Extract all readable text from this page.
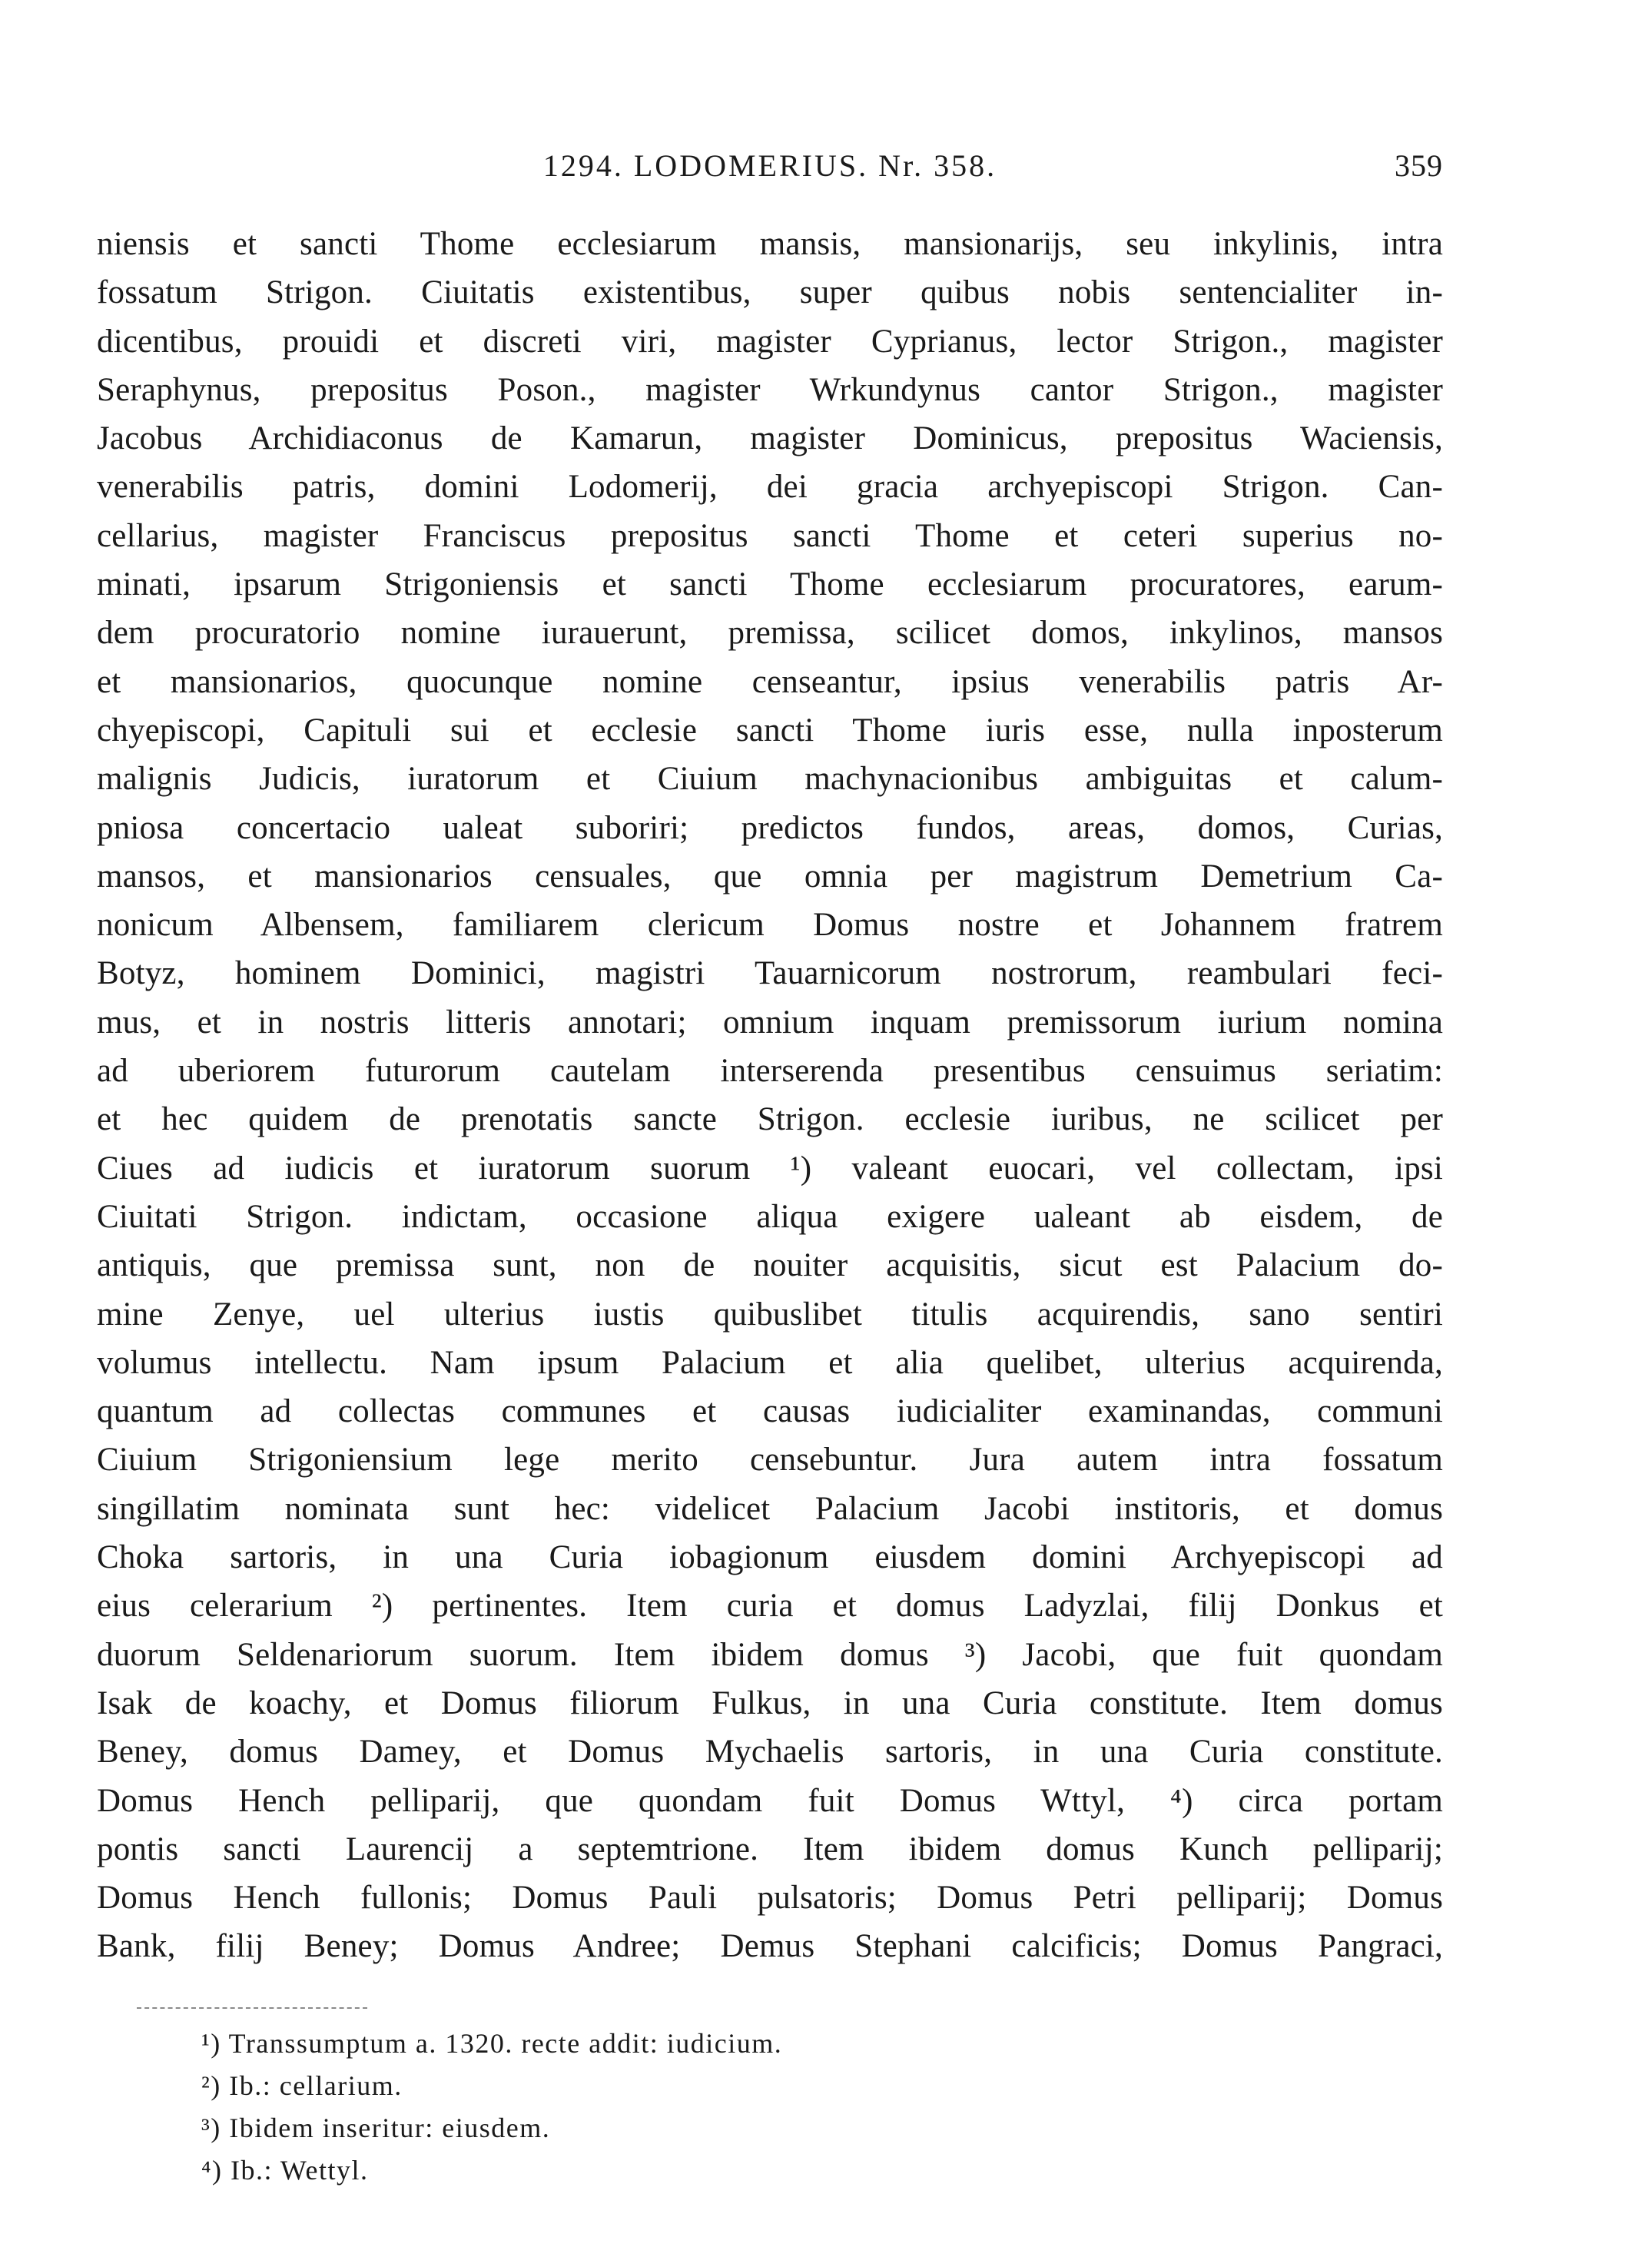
1294. LODOMERIUS. Nr. 358.	359
niensis et sancti Thome ecclesiarum mansis, mansionarijs, seu inkylinis, intra
fossatum Strigon. Ciuitatis existentibus, super quibus nobis sentencialiter in-
dicentibus, prouidi et discreti viri, magister Cyprianus, lector Strigon., magister
Seraphynus, prepositus Poson., magister Wrkundynus cantor Strigon., magister
Jacobus Archidiaconus de Kamarun, magister Dominicus, prepositus Waciensis,
venerabilis patris, domini Lodomerij, dei gracia archyepiscopi Strigon. Can-
cellarius, magister Franciscus prepositus sancti Thome et ceteri superius no-
minati, ipsarum Strigoniensis et sancti Thome ecclesiarum procuratores, earum-
dem procuratorio nomine iurauerunt, premissa, scilicet domos, inkylinos, mansos
et mansionarios, quocunque nomine censeantur, ipsius venerabilis patris Ar-
chyepiscopi, Capituli sui et ecclesie sancti Thome iuris esse, nulla inposterum
malignis Judicis, iuratorum et Ciuium machynacionibus ambiguitas et calum-
pniosa concertacio ualeat suboriri; predictos fundos, areas, domos, Curias,
mansos, et mansionarios censuales, que omnia per magistrum Demetrium Ca-
nonicum Albensem, familiarem clericum Domus nostre et Johannem fratrem
Botyz, hominem Dominici, magistri Tauarnicorum nostrorum, reambulari feci-
mus, et in nostris litteris annotari; omnium inquam premissorum iurium nomina
ad uberiorem futurorum cautelam interserenda presentibus censuimus seriatim:
et hec quidem de prenotatis sancte Strigon. ecclesie iuribus, ne scilicet per
Ciues ad iudicis et iuratorum suorum ¹) valeant euocari, vel collectam, ipsi
Ciuitati Strigon. indictam, occasione aliqua exigere ualeant ab eisdem, de
antiquis, que premissa sunt, non de nouiter acquisitis, sicut est Palacium do-
mine Zenye, uel ulterius iustis quibuslibet titulis acquirendis, sano sentiri
volumus intellectu. Nam ipsum Palacium et alia quelibet, ulterius acquirenda,
quantum ad collectas communes et causas iudicialiter examinandas, communi
Ciuium Strigoniensium lege merito censebuntur. Jura autem intra fossatum
singillatim nominata sunt hec: videlicet Palacium Jacobi institoris, et domus
Choka sartoris, in una Curia iobagionum eiusdem domini Archyepiscopi ad
eius celerarium ²) pertinentes. Item curia et domus Ladyzlai, filij Donkus et
duorum Seldenariorum suorum. Item ibidem domus ³) Jacobi, que fuit quondam
Isak de koachy, et Domus filiorum Fulkus, in una Curia constitute. Item domus
Beney, domus Damey, et Domus Mychaelis sartoris, in una Curia constitute.
Domus Hench pelliparij, que quondam fuit Domus Wttyl, ⁴) circa portam
pontis sancti Laurencij a septemtrione. Item ibidem domus Kunch pelliparij;
Domus Hench fullonis; Domus Pauli pulsatoris; Domus Petri pelliparij; Domus
Bank, filij Beney; Domus Andree; Demus Stephani calcificis; Domus Pangraci,
¹) Transsumptum a. 1320. recte addit: iudicium.
²) Ib.: cellarium.
³) Ibidem inseritur: eiusdem.
⁴) Ib.: Wettyl.
